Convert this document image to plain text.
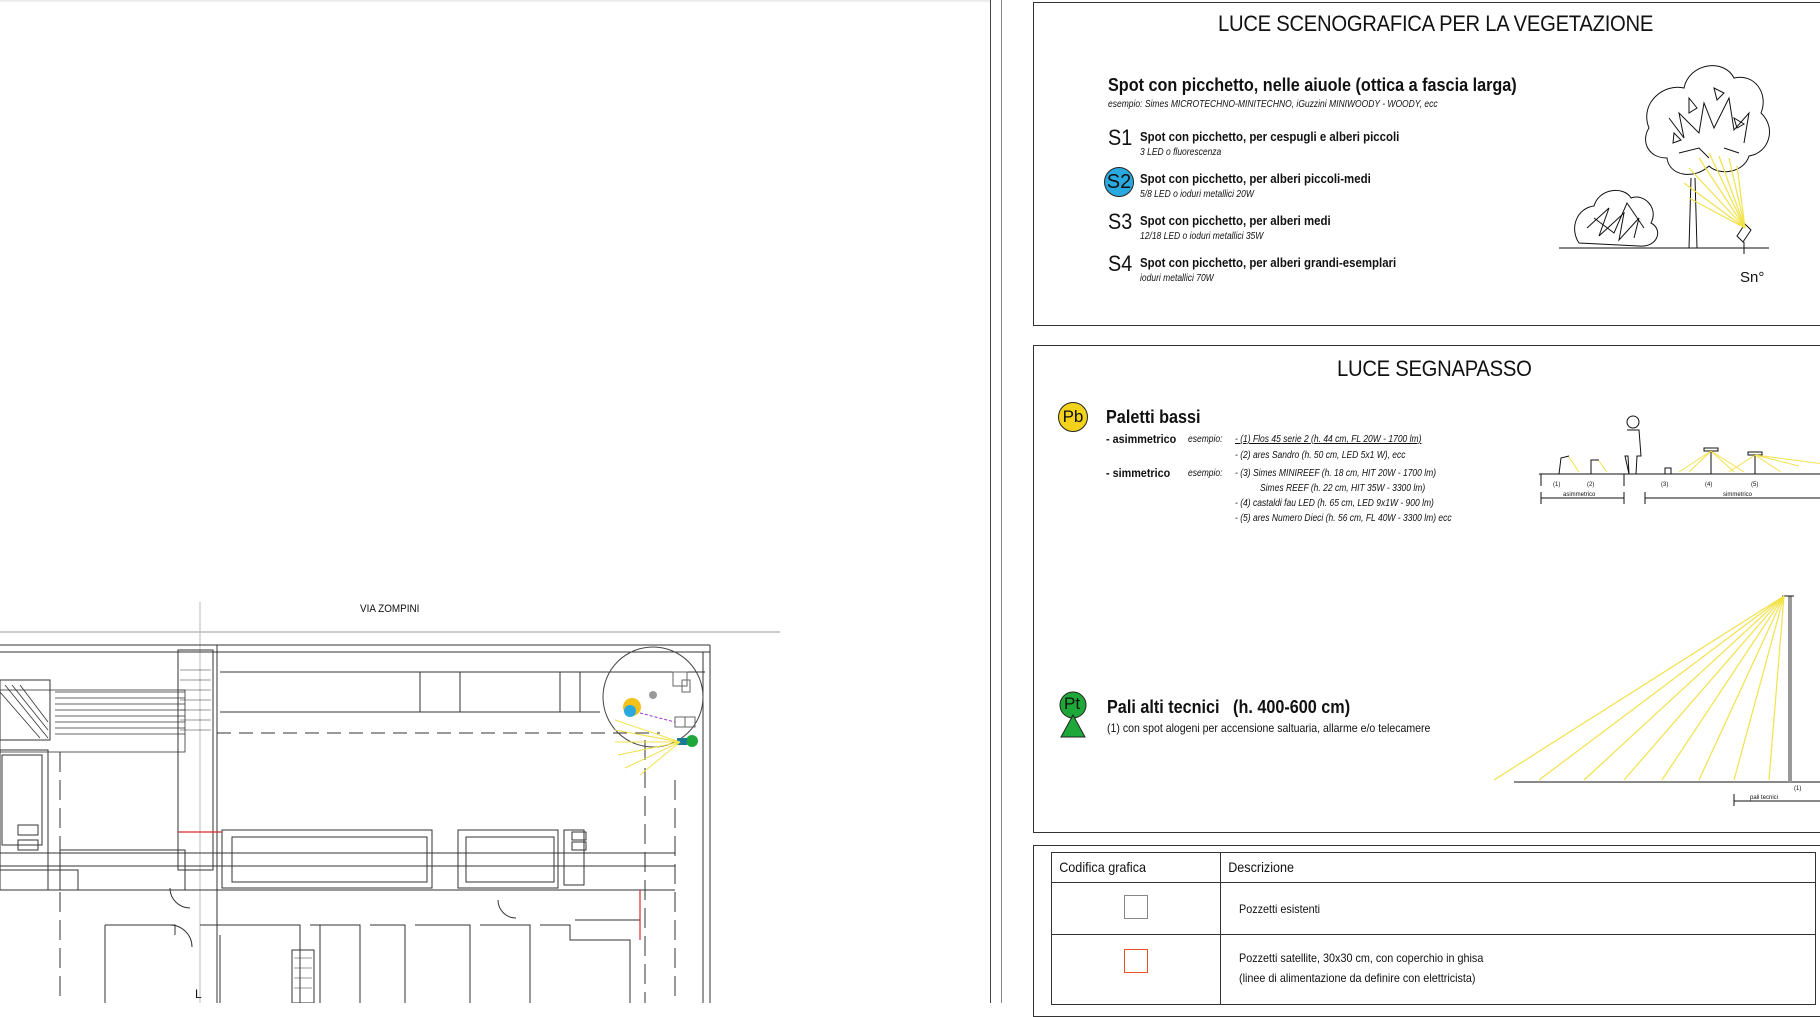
L
VIA ZOMPINI
LUCE SCENOGRAFICA PER LA VEGETAZIONE
Spot con picchetto, nelle aiuole (ottica a fascia larga)
esempio: Simes MICROTECHNO-MINITECHNO, iGuzzini MINIWOODY - WOODY, ecc
S1 Spot con picchetto, per cespugli e alberi piccoli
3 LED o fluorescenza
S2 Spot con picchetto, per alberi piccoli-medi
5/8 LED o ioduri metallici 20W
S3 Spot con picchetto, per alberi medi
12/18 LED o ioduri metallici 35W
S4 Spot con picchetto, per alberi grandi-esemplari
ioduri metallici 70W	Sn°
LUCE SEGNAPASSO
Pb Paletti bassi
- asimmetrico esempio:
- simmetrico esempio:
- (1) Flos 45 serie 2 (h. 44 cm, FL 20W - 1700 lm)
- (2) ares Sandro (h. 50 cm, LED 5x1 W), ecc
- (3) Simes MINIREEF (h. 18 cm, HIT 20W - 1700 lm)
Simes REEF (h. 22 cm, HIT 35W - 3300 lm)
- (4) castaldi fau LED (h. 65 cm, LED 9x1W - 900 lm)
- (5) ares Numero Dieci (h. 56 cm, FL 40W - 3300 lm) ecc
(1)	(2)	(3)	(4)	(5)
asimmetrico	simmetrico
Pt Pali alti tecnici   (h. 400-600 cm)
(1) con spot alogeni per accensione saltuaria, allarme e/o telecamere
(1)
pali tecnici
Codifica grafica	Descrizione

	Pozzetti esistenti

	Pozzetti satellite, 30x30 cm, con coperchio in ghisa
(linee di alimentazione da definire con elettricista)
